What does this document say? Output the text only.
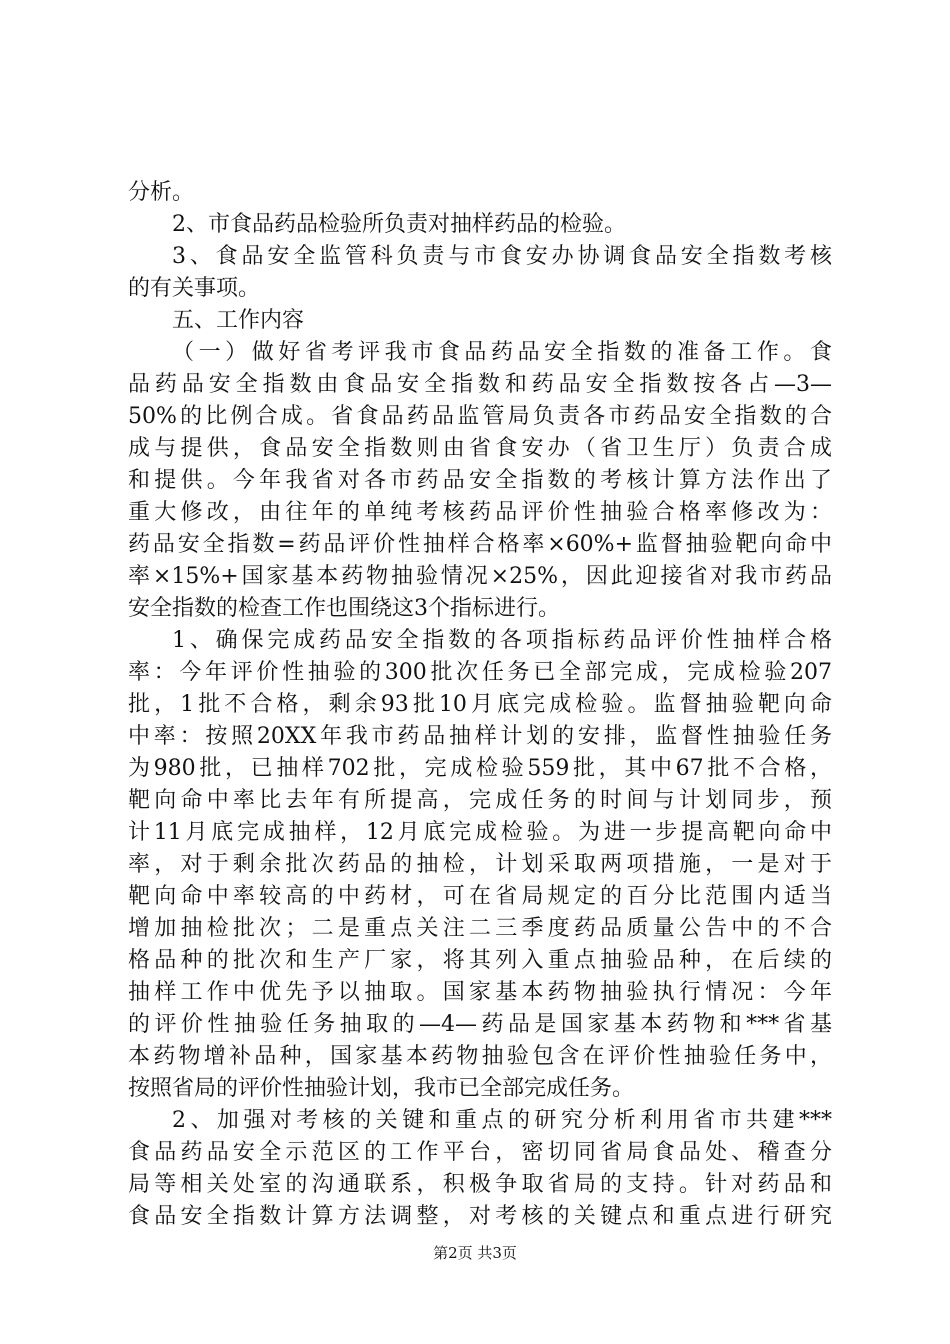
分析。
2、市食品药品检验所负责对抽样药品的检验。
3、食品安全监管科负责与市食安办协调食品安全指数考核
的有关事项。
五、工作内容
（一）做好省考评我市食品药品安全指数的准备工作。食
品药品安全指数由食品安全指数和药品安全指数按各占—3—
50%的比例合成。省食品药品监管局负责各市药品安全指数的合
成与提供，食品安全指数则由省食安办（省卫生厅）负责合成
和提供。今年我省对各市药品安全指数的考核计算方法作出了
重大修改，由往年的单纯考核药品评价性抽验合格率修改为：
药品安全指数=药品评价性抽样合格率×60%+监督抽验靶向命中
率×15%+国家基本药物抽验情况×25%，因此迎接省对我市药品
安全指数的检查工作也围绕这3个指标进行。
1、确保完成药品安全指数的各项指标药品评价性抽样合格
率：今年评价性抽验的300批次任务已全部完成，完成检验207
批，1批不合格，剩余93批10月底完成检验。监督抽验靶向命
中率：按照20XX年我市药品抽样计划的安排，监督性抽验任务
为980批，已抽样702批，完成检验559批，其中67批不合格，
靶向命中率比去年有所提高，完成任务的时间与计划同步，预
计11月底完成抽样，12月底完成检验。为进一步提高靶向命中
率，对于剩余批次药品的抽检，计划采取两项措施，一是对于
靶向命中率较高的中药材，可在省局规定的百分比范围内适当
增加抽检批次；二是重点关注二三季度药品质量公告中的不合
格品种的批次和生产厂家，将其列入重点抽验品种，在后续的
抽样工作中优先予以抽取。国家基本药物抽验执行情况：今年
的评价性抽验任务抽取的—4—药品是国家基本药物和***省基
本药物增补品种，国家基本药物抽验包含在评价性抽验任务中，
按照省局的评价性抽验计划，我市已全部完成任务。
2、加强对考核的关键和重点的研究分析利用省市共建***
食品药品安全示范区的工作平台，密切同省局食品处、稽查分
局等相关处室的沟通联系，积极争取省局的支持。针对药品和
食品安全指数计算方法调整，对考核的关键点和重点进行研究
第2页 共3页
